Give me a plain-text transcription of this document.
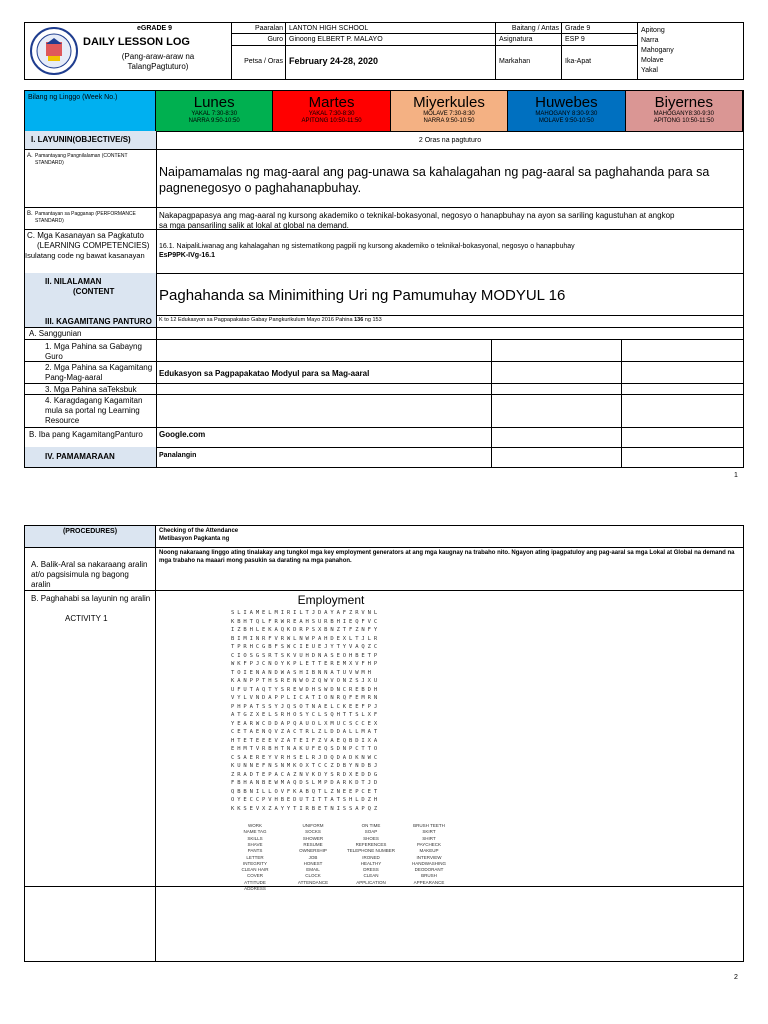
eGRADE 9
DAILY LESSON LOG
(Pang-araw-araw na
TalangPagtuturo)
Paaralan LANTON HIGH SCHOOL
Guro Ginoong ELBERT P. MALAYO
Petsa / Oras February 24-28, 2020
Baitang / Antas Grade 9
Asignatura	ESP 9
Markahan	Ika-Apat
Apitong
Narra
Mahogany
Molave
Yakal
Bilang ng Linggo (Week No.)	Lunes
YAKAL 7:30-8:30
NARRA 9:50-10:50
Martes
YAKAL 7:30-8:30
APITONG 10:50-11:50
Miyerkules
MOLAVE 7:30-8:30
NARRA 9:50-10:50
Huwebes
MAHOGANY 8:30-9:30
MOLAVE 9:50-10:50
Biyernes
MAHOGANY8:30-9:30
APITONG 10:50-11:50
I. LAYUNIN(OBJECTIVE/S)	2 Oras na pagtuturo
A. Pamantayang Pangnilalaman (CONTENT STANDARD)
Naipamamalas ng mag-aaral ang pag-unawa sa kahalagahan ng pag-aaral sa paghahanda para sa pagnenegosyo o paghahanapbuhay.
B. Pamantayan sa Pagganap (PERFORMANCE STANDARD)
Nakapagpapasya ang mag-aaral ng kursong akademiko o teknikal-bokasyonal, negosyo o hanapbuhay na ayon sa sariling kagustuhan at angkop sa mga pansariling salik at lokal at global na demand.
C. Mga Kasanayan sa Pagkatuto
(LEARNING COMPETENCIES)
Isulatang code ng bawat kasanayan
16.1. NaipaliLiwanag ang kahalagahan ng sistematikong pagpili ng kursong akademiko o teknikal-bokasyonal, negosyo o hanapbuhay
EsP9PK-IVg-16.1
II. NILALAMAN
(CONTENT	Paghahanda sa Minimithing Uri ng Pamumuhay MODYUL 16
III. KAGAMITANG PANTURO K to 12 Edukasyon sa Pagpapakatao Gabay Pangkurikulum Mayo 2016 Pahina 136 ng 153
A. Sanggunian
1. Mga Pahina sa Gabayng Guro
2. Mga Pahina sa Kagamitang Pang-Mag-aaral	Edukasyon sa Pagpapakatao Modyul para sa Mag-aaral
3. Mga Pahina saTeksbuk
4. Karagdagang Kagamitan mula sa portal ng Learning Resource
B. Iba pang KagamitangPanturo Google.com
IV. PAMAMARAAN	Panalangin
1
(PROCEDURES)	Checking of the Attendance
Metibasyon Pagkanta ng
A. Balik-Aral sa nakaraang aralin at/o pagsisimula ng bagong aralin
Noong nakaraang linggo ating tinalakay ang tungkol mga key employment generators at ang mga kaugnay na trabaho nito. Ngayon ating ipagpatuloy ang pag-aaral sa mga Lokal at Global na demand na mga trabaho na maaari mong pasukin sa darating na mga panahon.
B. Paghahabi sa layunin ng aralin
ACTIVITY 1
Employment
SLIAMELMIRILTJDAYAFZRVNL
KBHTQLFRWREAHSURBHIEQFVC
IZBHLEKAQKDRPSXBNZTFZNFY
BIMINRFVRWLNWPAHDEXLTJLR
TPRHCGBFSWCIEUEJYTYVAQZC
CIOSGSRTSKVUHDNASEOHBETP
WKFPJCNOYKPLETTEREMXVFHP
TOIENANDWASHIBNNATUVWMH
KANPPTHSRENWOZQWVONZSJXU
UFUTAQTYSREWDHSWDNCREBDH
VYLVNDAPPLICATIONRQFEMRN
PHPATSSYJQSOTNAELCKEEFPJ
ATGZXELSRHOSYCLSQHTTSLXF
YEARWCDDAPQAUOLXMUCSCCEX
CETAENQVZACTRLZLDDALLMAT
HTETEEEVZATEIFZVAEQBDIXA
EHMTVRBHTNAKUFEQSDNPCTTO
CSAEREYVRHSELRJDQDADKNWC
KUNNEFNSNMKOXTCCZDBYNDBJ
ZRADTEPACAZNVKDYSRDXEDDG
FBHANBEWMAQDSLMPDARKDTJD
QBBNILLOVFKABQTLZNEEPCET
OYECCPVHBEDUTITTATSHLDZH
KKSEVXZAYYTIRBETNISSAPQZ
WORK	UNIFORM	ON TIME	BRUSH TEETH
NAME TAG	SOCKS	SOAP	SKIRT
SKILLS	SHOWER	SHOES	SHIRT
SHAVE	RESUME	REFERENCES	PAYCHECK
PANTS	OWNERSHIP	TELEPHONE NUMBER	MAKEUP
LETTER	JOB	IRONED	INTERVIEW
INTEGRITY	HONEST	HEALTHY	HANDWASHING
CLEAN HAIR	EMAIL	DRESS	DEODORANT
COVER	CLOCK	CLEAN	BRUSH
ATTITUDE	ATTENDANCE	APPLICATION	APPEARANCE
ADDRESS
2
